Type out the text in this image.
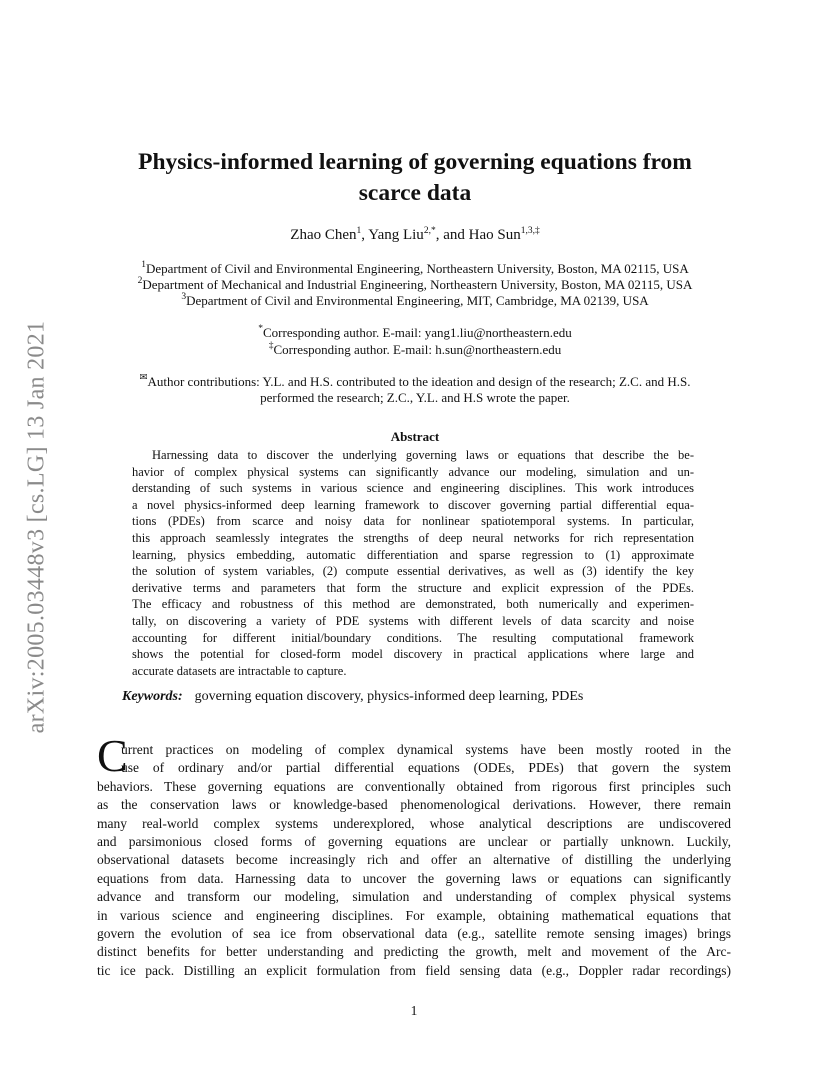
arXiv:2005.03448v3 [cs.LG] 13 Jan 2021
Physics-informed learning of governing equations from
scarce data
Zhao Chen$^1$, Yang Liu$^{2,*}$, and Hao Sun$^{1,3,\ddagger}$
$^1$Department of Civil and Environmental Engineering, Northeastern University, Boston, MA 02115, USA
$^2$Department of Mechanical and Industrial Engineering, Northeastern University, Boston, MA 02115, USA
$^3$Department of Civil and Environmental Engineering, MIT, Cambridge, MA 02139, USA
*Corresponding author. E-mail: yang1.liu@northeastern.edu
‡Corresponding author. E-mail: h.sun@northeastern.edu
✉Author contributions: Y.L. and H.S. contributed to the ideation and design of the research; Z.C. and H.S.
performed the research; Z.C., Y.L. and H.S wrote the paper.
Abstract
Harnessing data to discover the underlying governing laws or equations that describe the be-
havior of complex physical systems can significantly advance our modeling, simulation and un-
derstanding of such systems in various science and engineering disciplines. This work introduces
a novel physics-informed deep learning framework to discover governing partial differential equa-
tions (PDEs) from scarce and noisy data for nonlinear spatiotemporal systems. In particular,
this approach seamlessly integrates the strengths of deep neural networks for rich representation
learning, physics embedding, automatic differentiation and sparse regression to (1) approximate
the solution of system variables, (2) compute essential derivatives, as well as (3) identify the key
derivative terms and parameters that form the structure and explicit expression of the PDEs.
The efficacy and robustness of this method are demonstrated, both numerically and experimen-
tally, on discovering a variety of PDE systems with different levels of data scarcity and noise
accounting for different initial/boundary conditions. The resulting computational framework
shows the potential for closed-form model discovery in practical applications where large and
accurate datasets are intractable to capture.
Keywords: governing equation discovery, physics-informed deep learning, PDEs
C
urrent practices on modeling of complex dynamical systems have been mostly rooted in the
use of ordinary and/or partial differential equations (ODEs, PDEs) that govern the system
behaviors. These governing equations are conventionally obtained from rigorous first principles such
as the conservation laws or knowledge-based phenomenological derivations. However, there remain
many real-world complex systems underexplored, whose analytical descriptions are undiscovered
and parsimonious closed forms of governing equations are unclear or partially unknown. Luckily,
observational datasets become increasingly rich and offer an alternative of distilling the underlying
equations from data. Harnessing data to uncover the governing laws or equations can significantly
advance and transform our modeling, simulation and understanding of complex physical systems
in various science and engineering disciplines. For example, obtaining mathematical equations that
govern the evolution of sea ice from observational data (e.g., satellite remote sensing images) brings
distinct benefits for better understanding and predicting the growth, melt and movement of the Arc-
tic ice pack. Distilling an explicit formulation from field sensing data (e.g., Doppler radar recordings)
1
